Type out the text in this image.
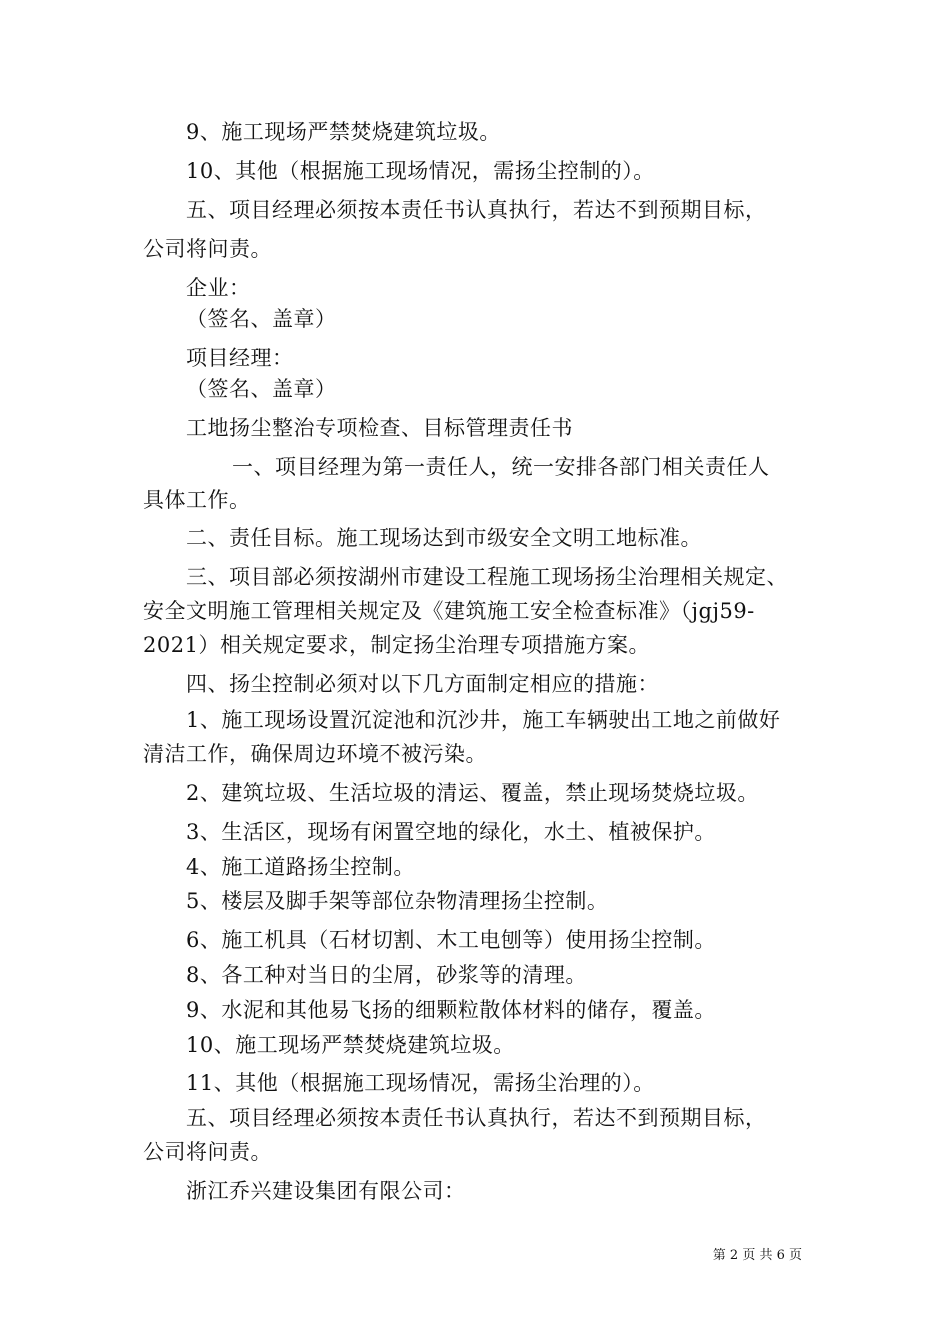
9、施工现场严禁焚烧建筑垃圾。
10、其他（根据施工现场情况，需扬尘控制的）。
五、项目经理必须按本责任书认真执行，若达不到预期目标，
公司将问责。
企业：
（签名、盖章）
项目经理：
（签名、盖章）
工地扬尘整治专项检查、目标管理责任书
一、项目经理为第一责任人，统一安排各部门相关责任人
具体工作。
二、责任目标。施工现场达到市级安全文明工地标准。
三、项目部必须按湖州市建设工程施工现场扬尘治理相关规定、
安全文明施工管理相关规定及《建筑施工安全检查标准》（jgj59-
2021）相关规定要求，制定扬尘治理专项措施方案。
四、扬尘控制必须对以下几方面制定相应的措施：
1、施工现场设置沉淀池和沉沙井，施工车辆驶出工地之前做好
清洁工作，确保周边环境不被污染。
2、建筑垃圾、生活垃圾的清运、覆盖，禁止现场焚烧垃圾。
3、生活区，现场有闲置空地的绿化，水土、植被保护。
4、施工道路扬尘控制。
5、楼层及脚手架等部位杂物清理扬尘控制。
6、施工机具（石材切割、木工电刨等）使用扬尘控制。
8、各工种对当日的尘屑，砂浆等的清理。
9、水泥和其他易飞扬的细颗粒散体材料的储存，覆盖。
10、施工现场严禁焚烧建筑垃圾。
11、其他（根据施工现场情况，需扬尘治理的）。
五、项目经理必须按本责任书认真执行，若达不到预期目标，
公司将问责。
浙江乔兴建设集团有限公司：
第 2 页 共 6 页
